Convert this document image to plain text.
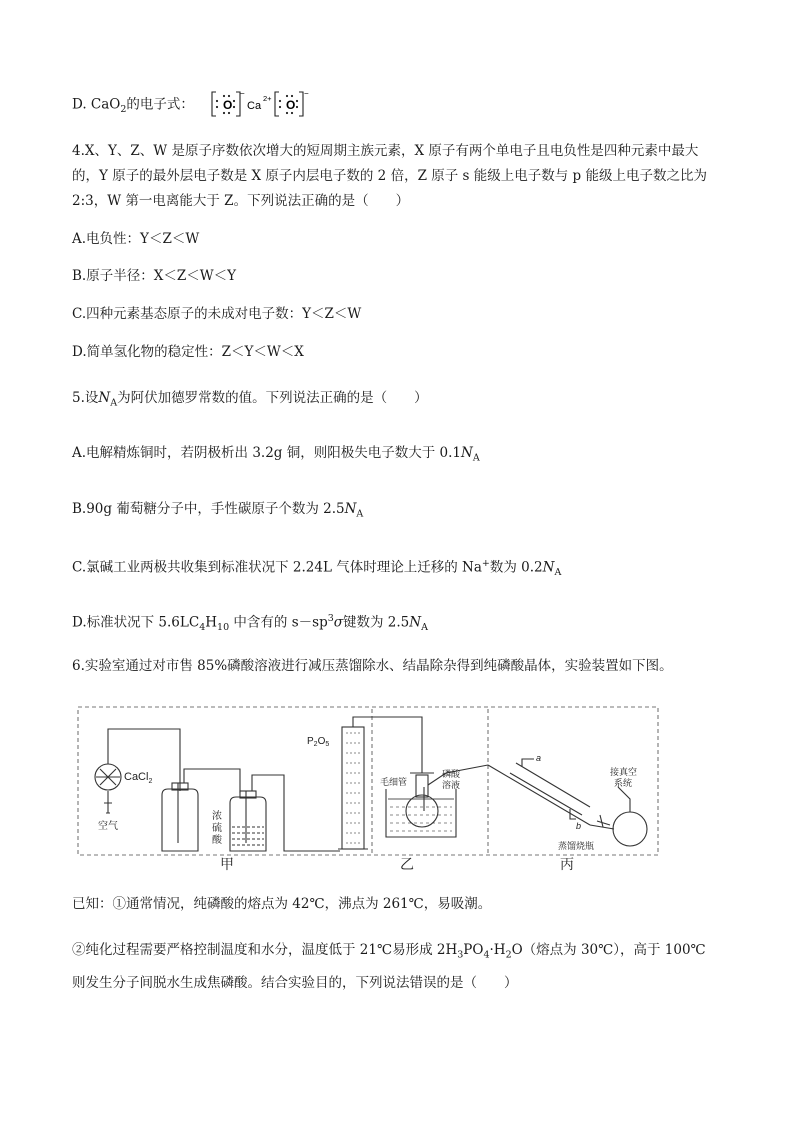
D. CaO$_2$的电子式： O
−
Ca
2+ O
−
4.X、Y、Z、W 是原子序数依次增大的短周期主族元素，X 原子有两个单电子且电负性是四种元素中最大
的，Y 原子的最外层电子数是 X 原子内层电子数的 2 倍，Z 原子 s 能级上电子数与 p 能级上电子数之比为
2:3，W 第一电离能大于 Z。下列说法正确的是（　　）
A.电负性：Y＜Z＜W
B.原子半径：X＜Z＜W＜Y
C.四种元素基态原子的未成对电子数：Y＜Z＜W
D.简单氢化物的稳定性：Z＜Y＜W＜X
5.设$N_A$为阿伏加德罗常数的值。下列说法正确的是（　　）
A.电解精炼铜时，若阴极析出 3.2g 铜，则阳极失电子数大于 $0.1N_A$
B.90g 葡萄糖分子中，手性碳原子个数为 $2.5N_A$
C.氯碱工业两极共收集到标准状况下 2.24L 气体时理论上迁移的 Na+数为 $0.2N_A$
D.标准状况下 $5.6LC_4H_{10}$ 中含有的 $s-sp^3\sigma$键数为 $2.5N_A$
6.实验室通过对市售 85%磷酸溶液进行减压蒸馏除水、结晶除杂得到纯磷酸晶体，实验装置如下图。
CaCl$_2$
空气
浓
硫
酸
$P_2O_5$
毛细管
磷酸
溶液
a
b
接真空
系统
蒸馏烧瓶
甲	乙	丙
已知：①通常情况，纯磷酸的熔点为 42℃，沸点为 261℃，易吸潮。
②纯化过程需要严格控制温度和水分，温度低于 21℃易形成 $2H_3PO_4\cdot H_2O$（熔点为 30℃），高于 100℃
则发生分子间脱水生成焦磷酸。结合实验目的，下列说法错误的是（　　）
